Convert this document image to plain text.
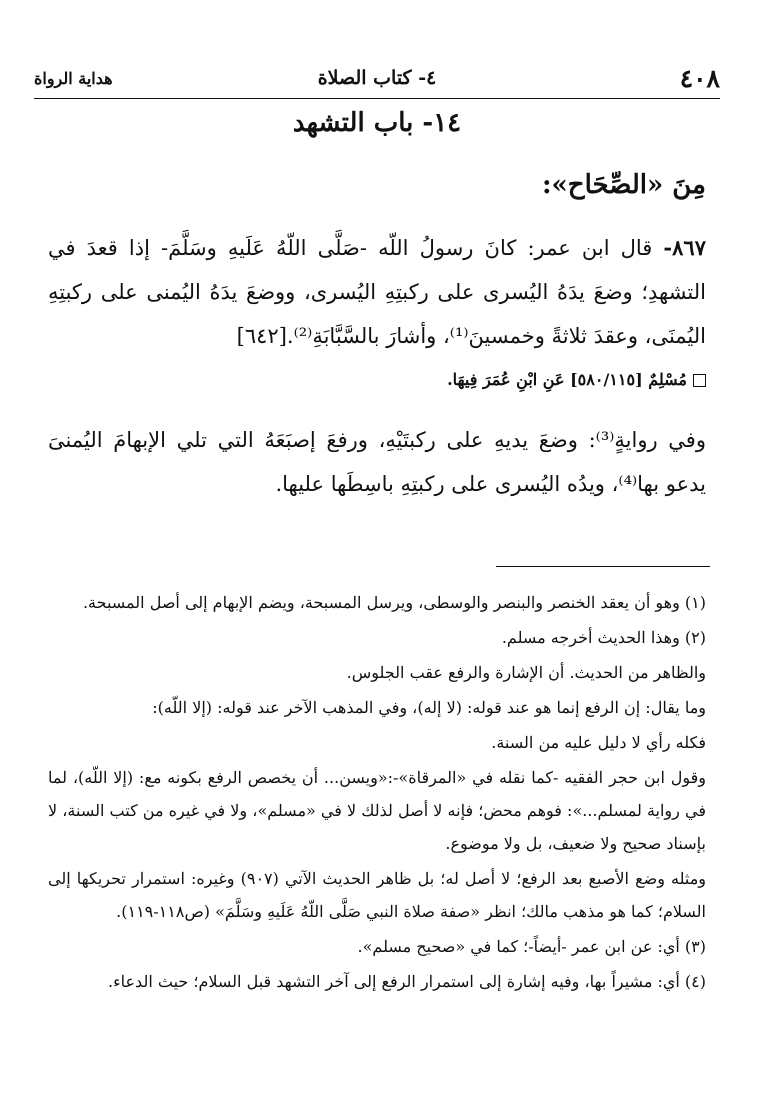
٤٠٨
٤- كتاب الصلاة
هداية الرواة
١٤- باب التشهد
مِنَ «الصِّحَاح»:
٨٦٧- قال ابن عمر: كانَ رسولُ اللّه -صَلَّى اللّهُ عَلَيهِ وسَلَّمَ- إذا قعدَ في التشهدِ؛ وضعَ يدَهُ اليُسرى على ركبتِهِ اليُسرى، ووضعَ يدَهُ اليُمنى على ركبتِهِ اليُمنَى، وعقدَ ثلاثةً وخمسينَ⁽¹⁾، وأشارَ بالسَّبَّابَةِ⁽²⁾.[٦٤٢]
مُسْلِمٌ [٥٨٠/١١٥] عَنِ ابْنِ عُمَرَ فِيهَا.
وفي روايةٍ⁽³⁾: وضعَ يديهِ على ركبتَيْهِ، ورفعَ إصبَعَهُ التي تلي الإبهامَ اليُمنىَ يدعو بها⁽⁴⁾، ويدُه اليُسرى على ركبتِهِ باسِطَها عليها.

(١) وهو أن يعقد الخنصر والبنصر والوسطى، ويرسل المسبحة، ويضم الإبهام إلى أصل المسبحة.

(٢) وهذا الحديث أخرجه مسلم.

والظاهر من الحديث. أن الإشارة والرفع عقب الجلوس.

وما يقال: إن الرفع إنما هو عند قوله: (لا إله)، وفي المذهب الآخر عند قوله: (إلا اللّه):

فكله رأي لا دليل عليه من السنة.

وقول ابن حجر الفقيه -كما نقله في «المرقاة»-:«ويسن... أن يخصص الرفع بكونه مع: (إلا اللّه)، لما في رواية لمسلم...»: فوهم محض؛ فإنه لا أصل لذلك لا في «مسلم»، ولا في غيره من كتب السنة، لا بإسناد صحيح ولا ضعيف، بل ولا موضوع.

ومثله وضع الأصبع بعد الرفع؛ لا أصل له؛ بل ظاهر الحديث الآتي (٩٠٧) وغيره: استمرار تحريكها إلى السلام؛ كما هو مذهب مالك؛ انظر «صفة صلاة النبي صَلَّى اللّهُ عَلَيهِ وسَلَّمَ» (ص١١٨-١١٩).

(٣) أي: عن ابن عمر -أيضاً-؛ كما في «صحيح مسلم».

(٤) أي: مشيراً بها، وفيه إشارة إلى استمرار الرفع إلى آخر التشهد قبل السلام؛ حيث الدعاء.
